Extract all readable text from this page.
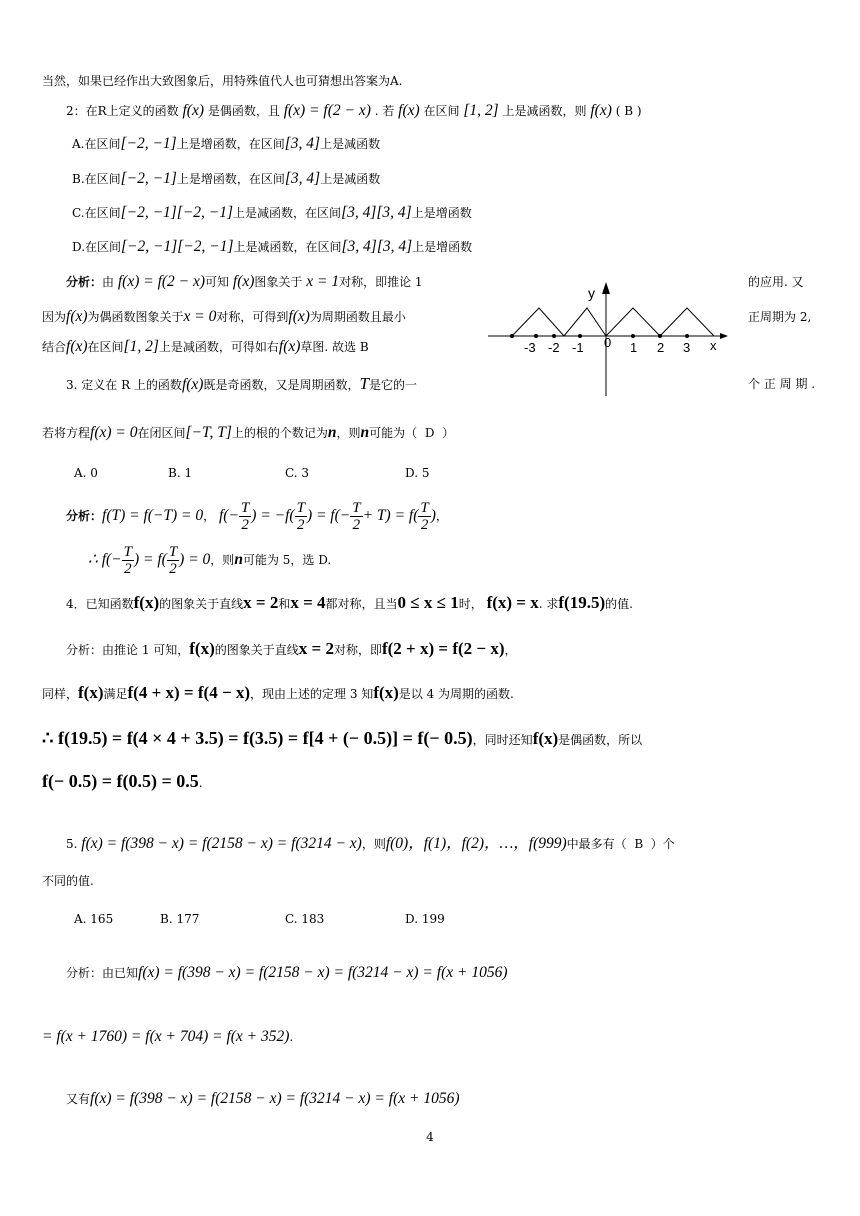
当然，如果已经作出大致图象后，用特殊值代人也可猜想出答案为A.
2：在R上定义的函数 f(x) 是偶函数，且 f(x) = f(2 − x) . 若 f(x) 在区间 [1, 2] 上是减函数，则 f(x) ( B )
A.在区间[−2, −1]上是增函数，在区间[3, 4]上是减函数
B.在区间[−2, −1]上是增函数，在区间[3, 4]上是减函数
C.在区间[−2, −1][−2, −1]上是减函数，在区间[3, 4][3, 4]上是增函数
D.在区间[−2, −1][−2, −1]上是减函数，在区间[3, 4][3, 4]上是增函数
分析：由 f(x) = f(2 − x)可知 f(x)图象关于 x = 1对称，即推论 1	的应用. 又
因为f(x)为偶函数图象关于x = 0对称，可得到f(x)为周期函数且最小	正周期为 2,
结合f(x)在区间[1, 2]上是减函数，可得如右f(x)草图. 故选 B
y
x
-3 -2 -1 0 1 2 3
3. 定义在 R 上的函数f(x)既是奇函数，又是周期函数，T是它的一	个 正 周 期 .
若将方程f(x) = 0在闭区间[−T, T]上的根的个数记为n，则n可能为（ D ）
A. 0	B. 1	C. 3	D. 5
分析：f(T) = f(−T) = 0， $f(- \frac{T}{2}$ ) = $-f( \frac{T}{2}$ ) = $f(- \frac{T}{2} + T) = f( \frac{T}{2}$ )，
∴ $f(- \frac{T}{2}$ ) = $f( \frac{T}{2}$ ) = 0，则n可能为 5，选 D.
4．已知函数f(x)的图象关于直线x = 2和x = 4都对称，且当0 ≤ x ≤ 1时， f(x) = x. 求f(19.5)的值.
分析：由推论 1 可知，f(x)的图象关于直线x = 2对称，即f(2 + x) = f(2 − x)，
同样，f(x)满足f(4 + x) = f(4 − x)，现由上述的定理 3 知f(x)是以 4 为周期的函数.
∴ f(19.5) = f(4 × 4 + 3.5) = f(3.5) = f[4 + (− 0.5)] = f(− 0.5)，同时还知f(x)是偶函数，所以
f(− 0.5) = f(0.5) = 0.5.
5. f(x) = f(398 − x) = f(2158 − x) = f(3214 − x)，则f(0)，f(1)，f(2)，…，f(999)中最多有（ B ）个
不同的值.
A. 165	B. 177	C. 183	D. 199
分析：由已知f(x) = f(398 − x) = f(2158 − x) = f(3214 − x) = f(x + 1056)
= f(x + 1760) = f(x + 704) = f(x + 352).
又有f(x) = f(398 − x) = f(2158 − x) = f(3214 − x) = f(x + 1056)
4
